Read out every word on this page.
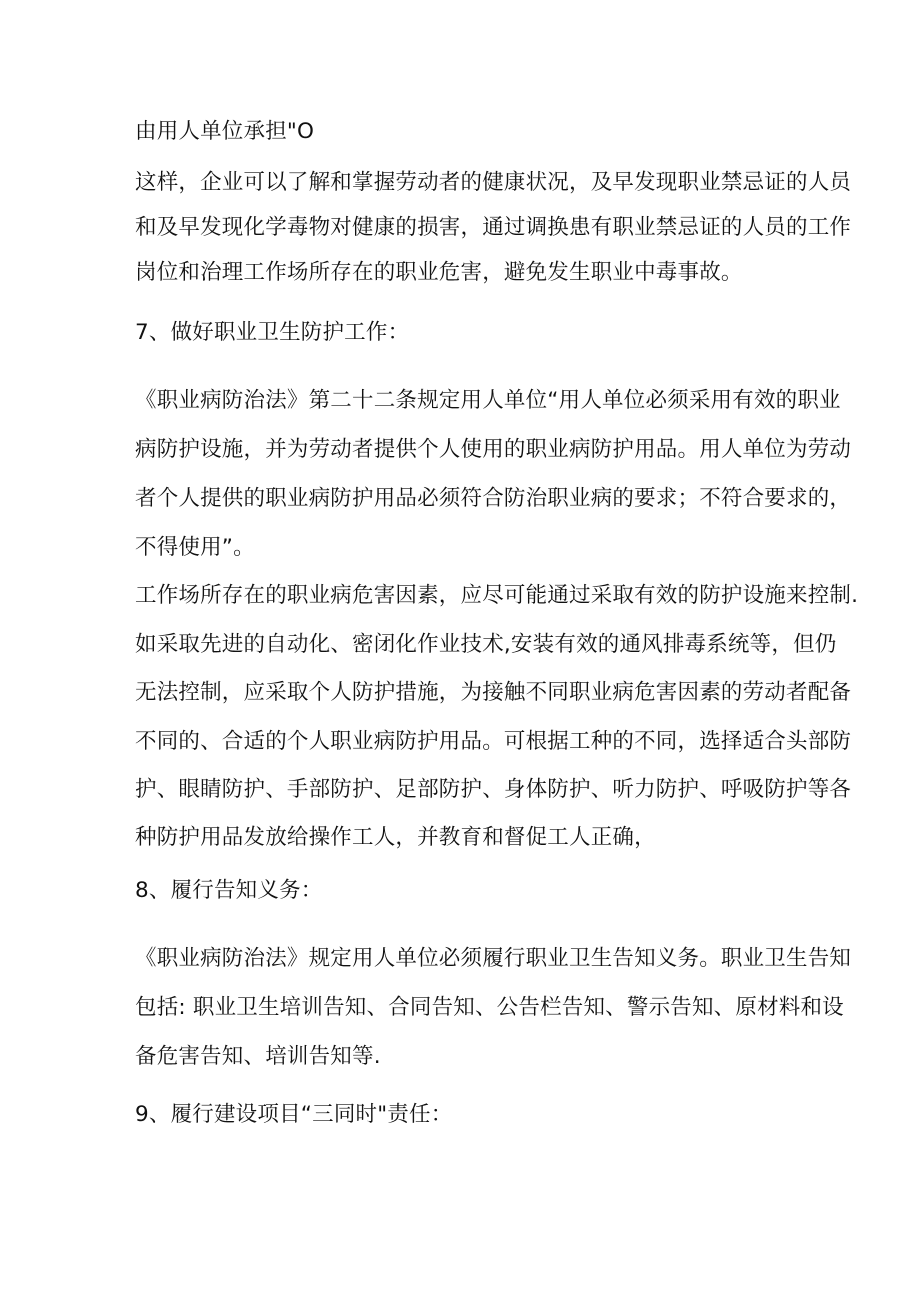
由用人单位承担"O
这样，企业可以了解和掌握劳动者的健康状况，及早发现职业禁忌证的人员
和及早发现化学毒物对健康的损害，通过调换患有职业禁忌证的人员的工作
岗位和治理工作场所存在的职业危害，避免发生职业中毒事故。
7、做好职业卫生防护工作：
《职业病防治法》第二十二条规定用人单位“用人单位必须采用有效的职业
病防护设施，并为劳动者提供个人使用的职业病防护用品。用人单位为劳动
者个人提供的职业病防护用品必须符合防治职业病的要求；不符合要求的，
不得使用”。
工作场所存在的职业病危害因素，应尽可能通过采取有效的防护设施来控制.
如采取先进的自动化、密闭化作业技术,安装有效的通风排毒系统等，但仍
无法控制，应采取个人防护措施，为接触不同职业病危害因素的劳动者配备
不同的、合适的个人职业病防护用品。可根据工种的不同，选择适合头部防
护、眼睛防护、手部防护、足部防护、身体防护、听力防护、呼吸防护等各
种防护用品发放给操作工人，并教育和督促工人正确，
8、履行告知义务：
《职业病防治法》规定用人单位必须履行职业卫生告知义务。职业卫生告知
包括: 职业卫生培训告知、合同告知、公告栏告知、警示告知、原材料和设
备危害告知、培训告知等.
9、履行建设项目“三同时"责任：
